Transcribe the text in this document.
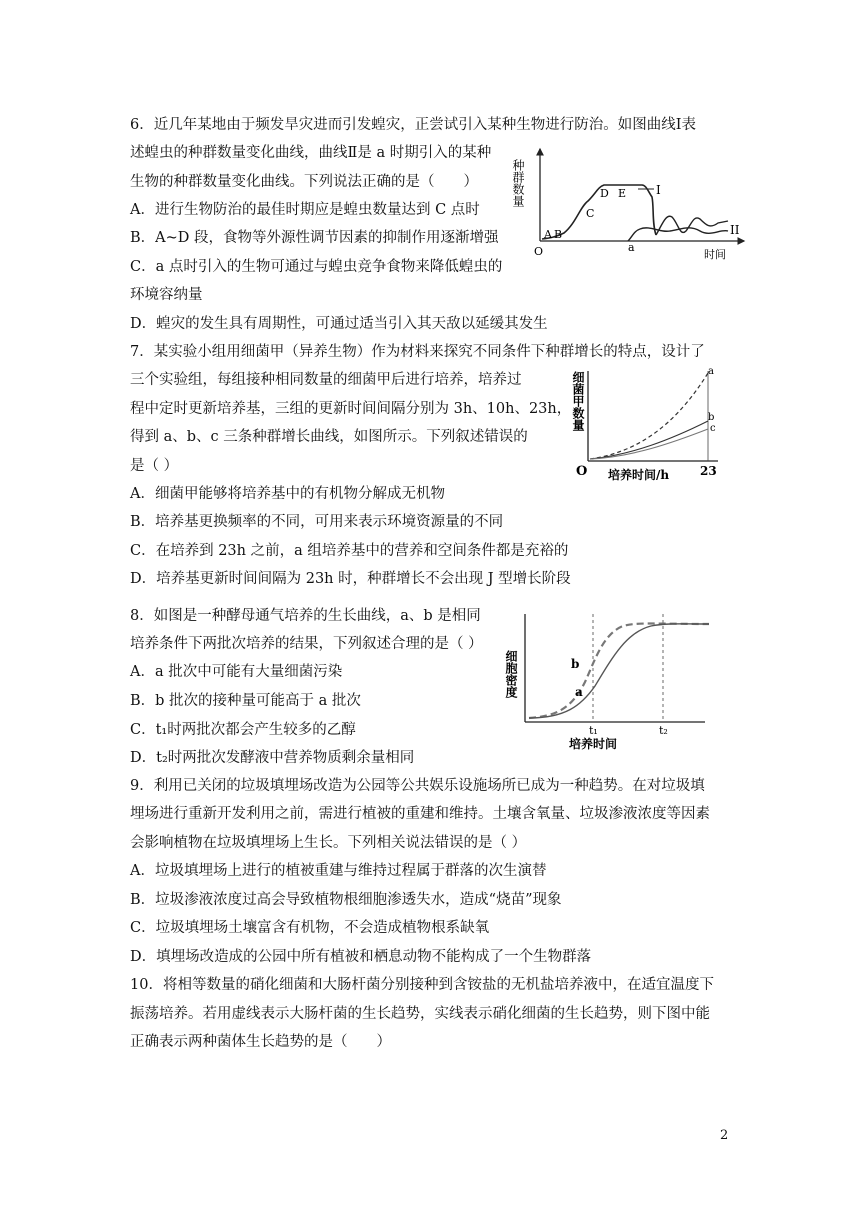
6．近几年某地由于频发旱灾进而引发蝗灾，正尝试引入某种生物进行防治。如图曲线Ⅰ表
述蝗虫的种群数量变化曲线，曲线Ⅱ是 a 时期引入的某种
生物的种群数量变化曲线。下列说法正确的是（　　）
A．进行生物防治的最佳时期应是蝗虫数量达到 C 点时
B．A~D 段，食物等外源性调节因素的抑制作用逐渐增强
C．a 点时引入的生物可通过与蝗虫竞争食物来降低蝗虫的
环境容纳量
D．蝗灾的发生具有周期性，可通过适当引入其天敌以延缓其发生
种群数量
O	时间
I
II
A B
C
D E
a
7．某实验小组用细菌甲（异养生物）作为材料来探究不同条件下种群增长的特点，设计了
三个实验组，每组接种相同数量的细菌甲后进行培养，培养过
程中定时更新培养基，三组的更新时间间隔分别为 3h、10h、23h，
得到 a、b、c 三条种群增长曲线，如图所示。下列叙述错误的
是（ ）
A．细菌甲能够将培养基中的有机物分解成无机物
B．培养基更换频率的不同，可用来表示环境资源量的不同
C．在培养到 23h 之前，a 组培养基中的营养和空间条件都是充裕的
D．培养基更新时间间隔为 23h 时，种群增长不会出现 J 型增长阶段
细菌甲数量
O 培养时间/h	23
a
b
c
8．如图是一种酵母通气培养的生长曲线，a、b 是相同
培养条件下两批次培养的结果，下列叙述合理的是（ ）
A．a 批次中可能有大量细菌污染
B．b 批次的接种量可能高于 a 批次
C．t₁时两批次都会产生较多的乙醇
D．t₂时两批次发酵液中营养物质剩余量相同
细胞密度	b
a
t₁	t₂
培养时间
9．利用已关闭的垃圾填埋场改造为公园等公共娱乐设施场所已成为一种趋势。在对垃圾填
埋场进行重新开发利用之前，需进行植被的重建和维持。土壤含氧量、垃圾渗液浓度等因素
会影响植物在垃圾填埋场上生长。下列相关说法错误的是（ ）
A．垃圾填埋场上进行的植被重建与维持过程属于群落的次生演替
B．垃圾渗液浓度过高会导致植物根细胞渗透失水，造成“烧苗”现象
C．垃圾填埋场土壤富含有机物，不会造成植物根系缺氧
D．填埋场改造成的公园中所有植被和栖息动物不能构成了一个生物群落
10．将相等数量的硝化细菌和大肠杆菌分别接种到含铵盐的无机盐培养液中，在适宜温度下
振荡培养。若用虚线表示大肠杆菌的生长趋势，实线表示硝化细菌的生长趋势，则下图中能
正确表示两种菌体生长趋势的是（　　）
2
